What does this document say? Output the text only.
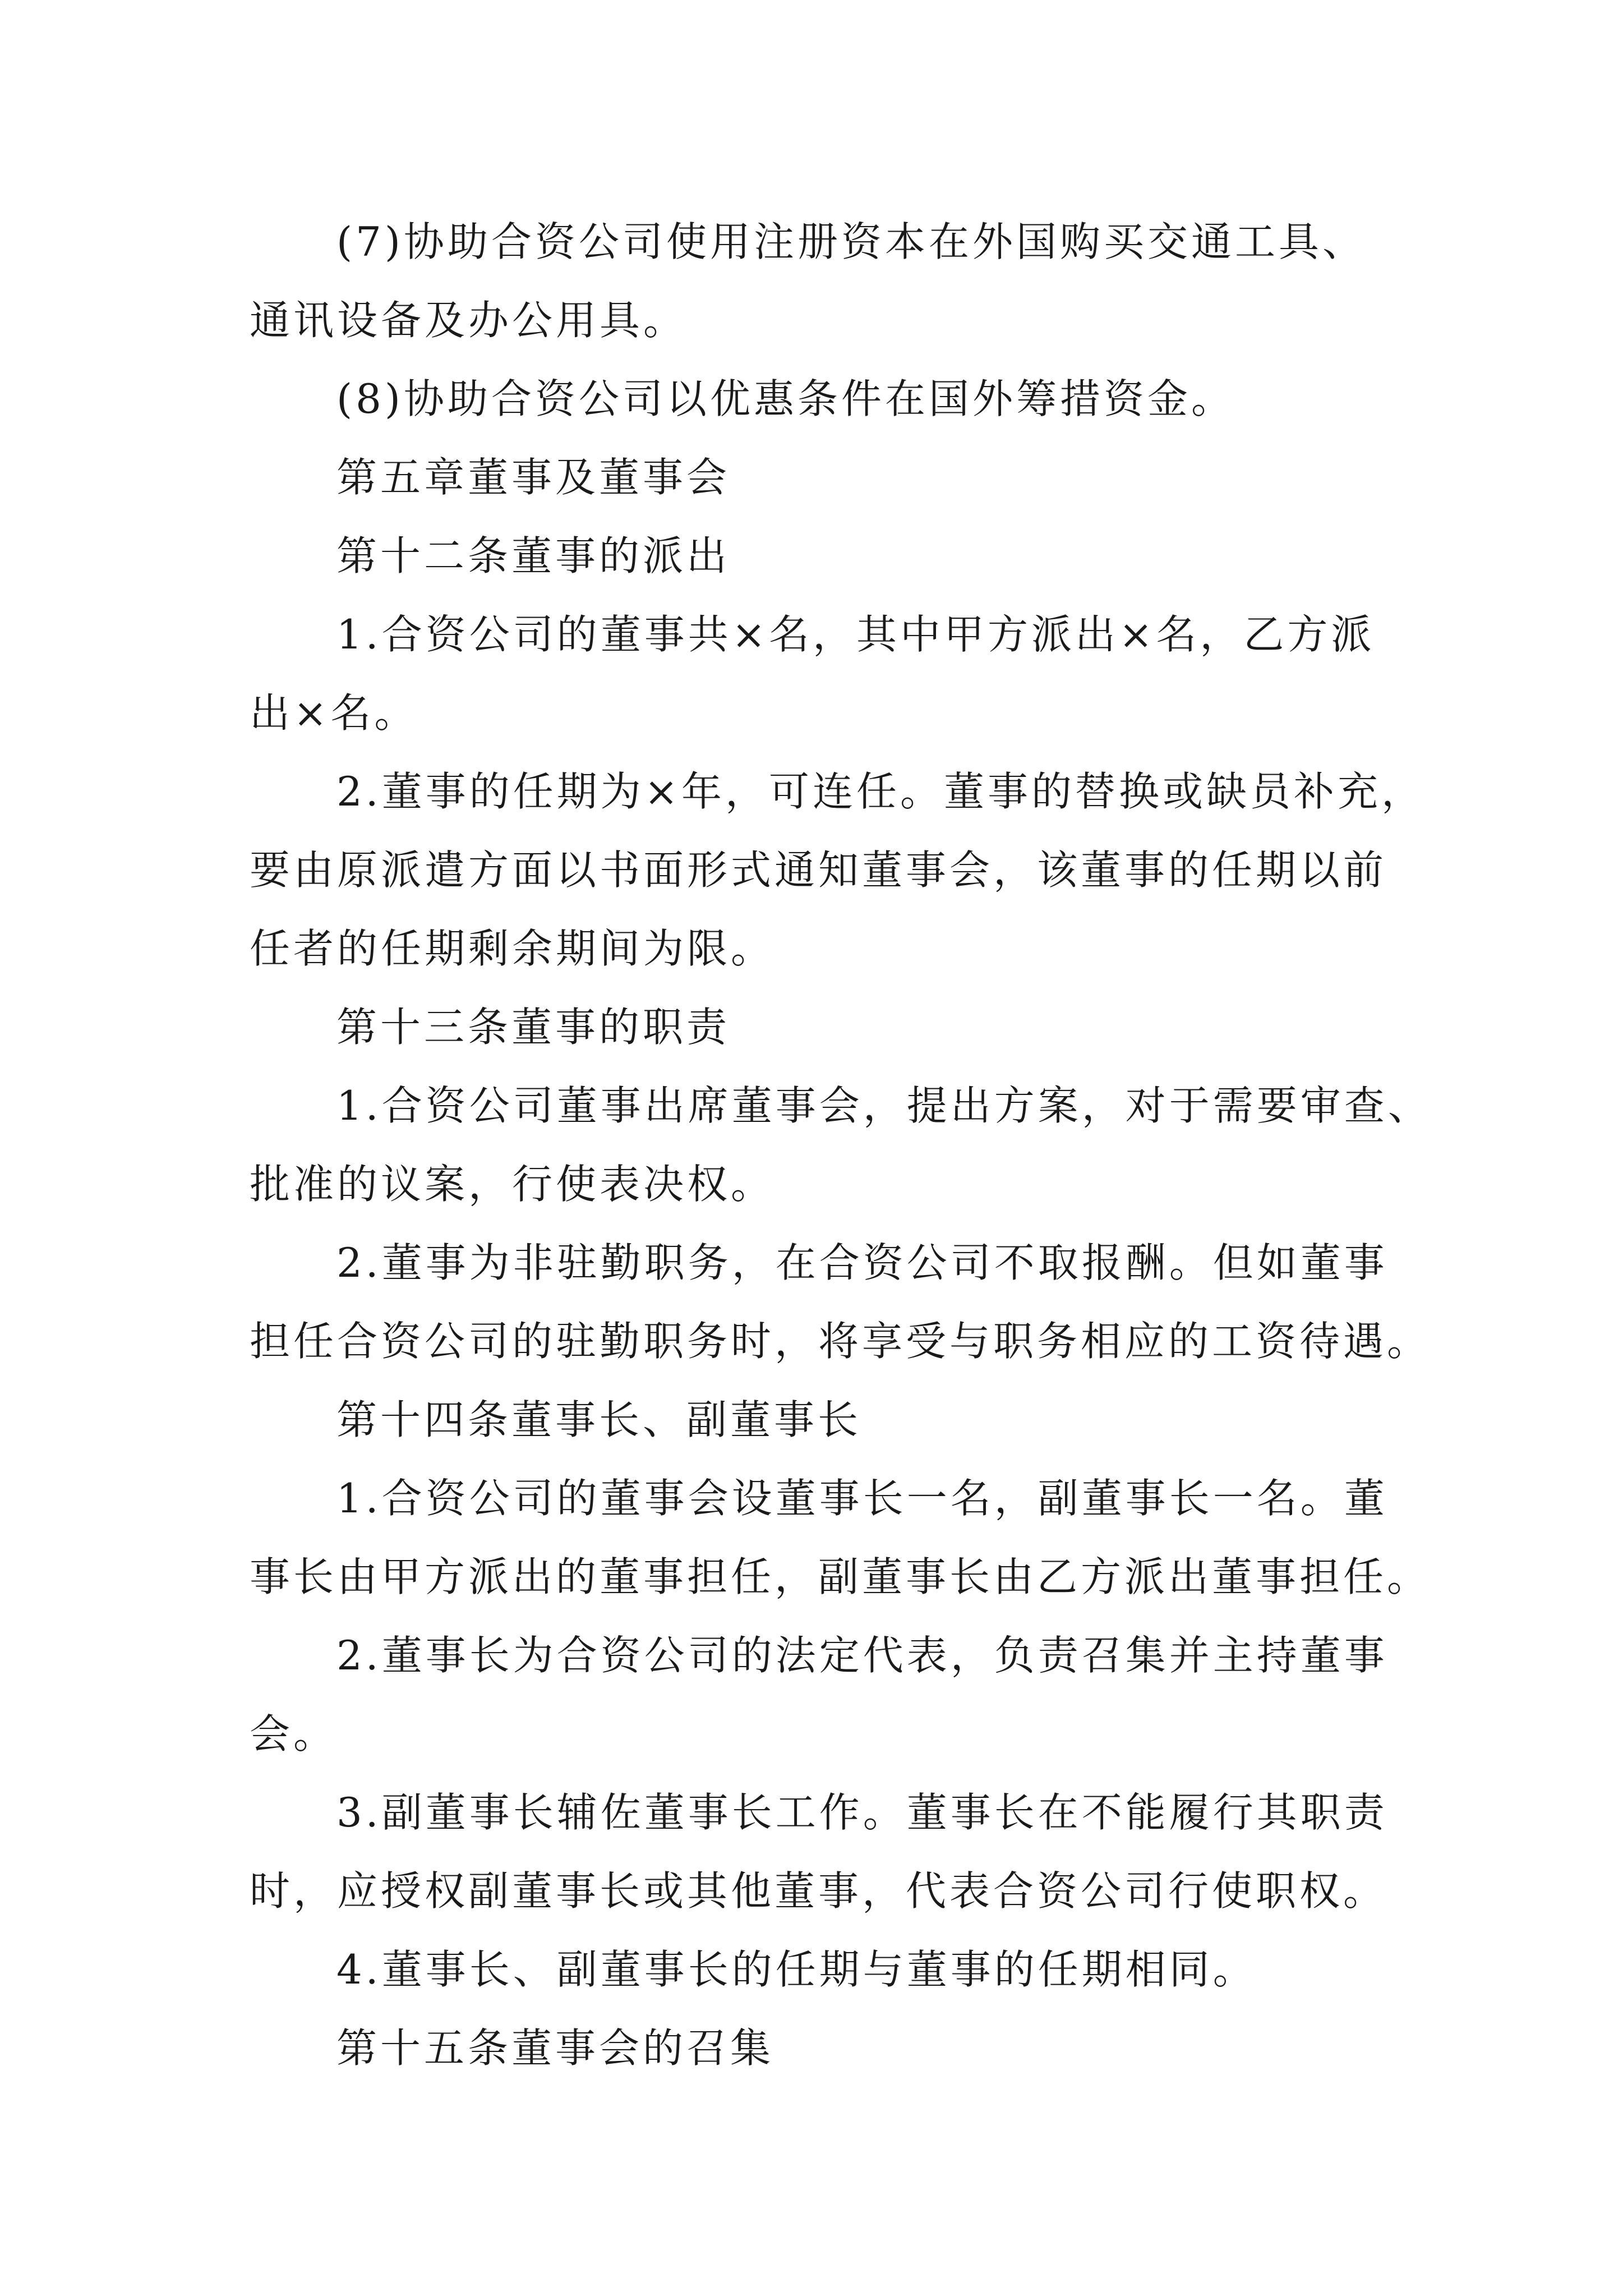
(7)协助合资公司使用注册资本在外国购买交通工具、
通讯设备及办公用具。
(8)协助合资公司以优惠条件在国外筹措资金。
第五章董事及董事会
第十二条董事的派出
1.合资公司的董事共×名，其中甲方派出×名，乙方派
出×名。
2.董事的任期为×年，可连任。董事的替换或缺员补充，
要由原派遣方面以书面形式通知董事会，该董事的任期以前
任者的任期剩余期间为限。
第十三条董事的职责
1.合资公司董事出席董事会，提出方案，对于需要审查、
批准的议案，行使表决权。
2.董事为非驻勤职务，在合资公司不取报酬。但如董事
担任合资公司的驻勤职务时，将享受与职务相应的工资待遇。
第十四条董事长、副董事长
1.合资公司的董事会设董事长一名，副董事长一名。董
事长由甲方派出的董事担任，副董事长由乙方派出董事担任。
2.董事长为合资公司的法定代表，负责召集并主持董事
会。
3.副董事长辅佐董事长工作。董事长在不能履行其职责
时，应授权副董事长或其他董事，代表合资公司行使职权。
4.董事长、副董事长的任期与董事的任期相同。
第十五条董事会的召集
